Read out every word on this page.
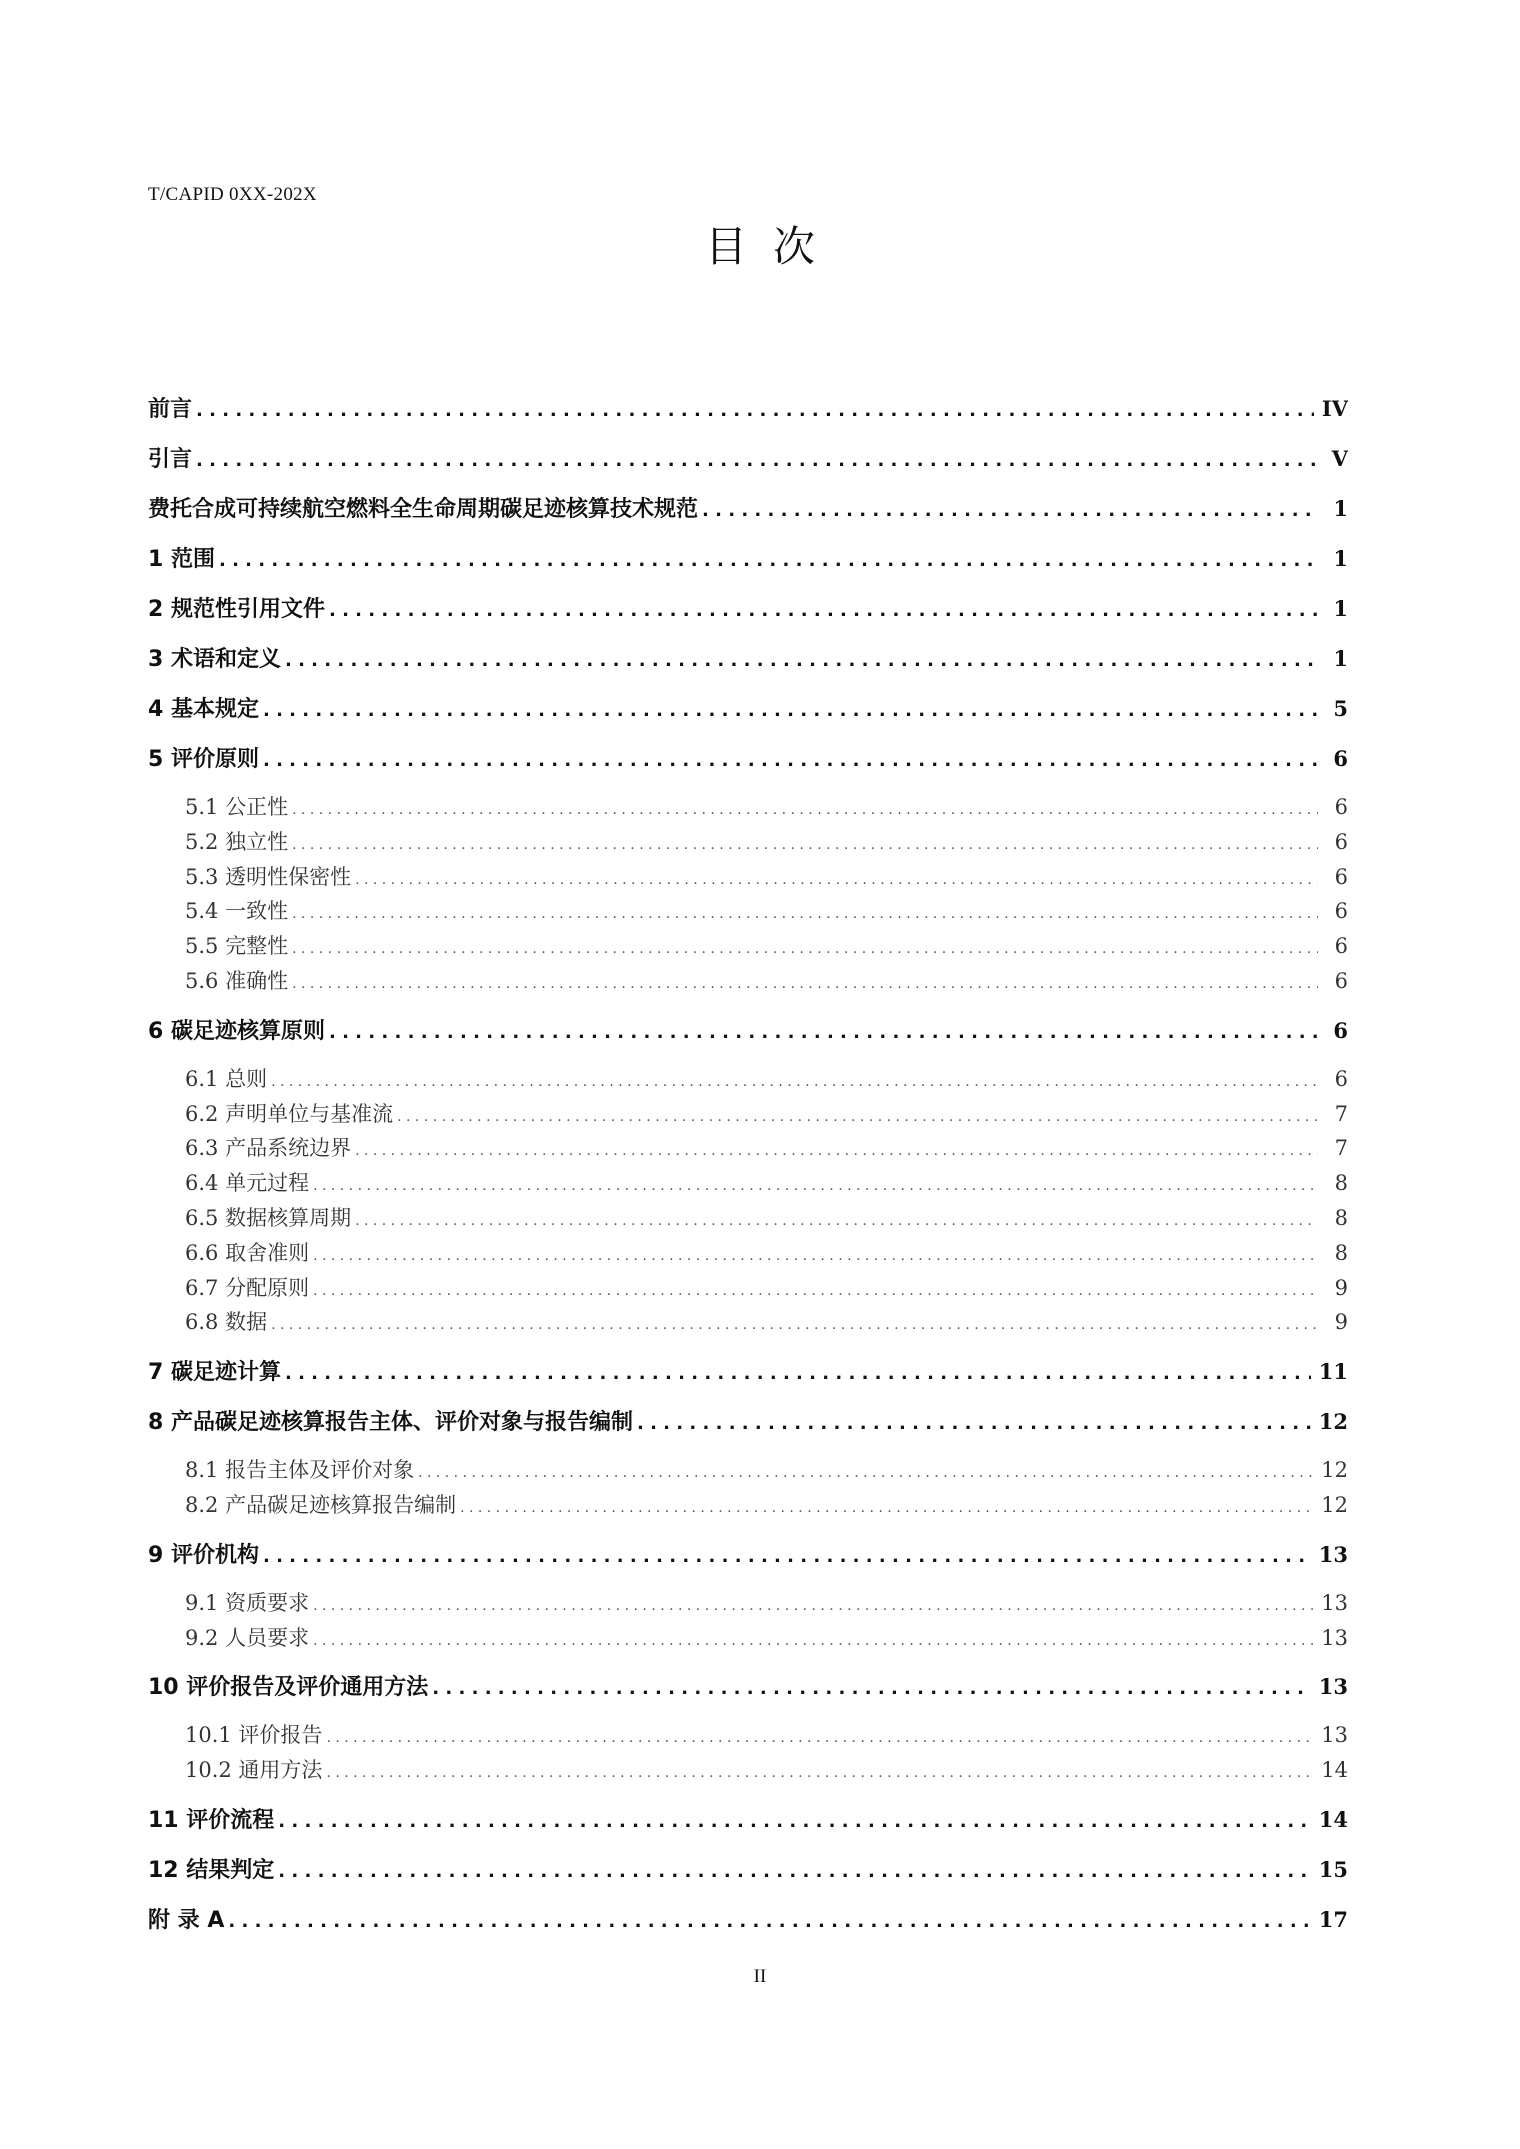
T/CAPID 0XX-202X
目次
前言 . . .	IV
引言 . . .	V
费托合成可持续航空燃料全生命周期碳足迹核算技术规范 . . .	1
1 范围 . . .	1
2 规范性引用文件 . . .	1
3 术语和定义 . . .	1
4 基本规定 . . .	5
5 评价原则 . . .	6
5.1 公正性 . . .	6
5.2 独立性 . . .	6
5.3 透明性保密性 . . .	6
5.4 一致性 . . .	6
5.5 完整性 . . .	6
5.6 准确性 . . .	6
6 碳足迹核算原则 . . .	6
6.1 总则 . . .	6
6.2 声明单位与基准流 . . .	7
6.3 产品系统边界 . . .	7
6.4 单元过程 . . .	8
6.5 数据核算周期 . . .	8
6.6 取舍准则 . . .	8
6.7 分配原则 . . .	9
6.8 数据 . . .	9
7 碳足迹计算 . . .	11
8 产品碳足迹核算报告主体、评价对象与报告编制 . . .	12
8.1 报告主体及评价对象 . . .	12
8.2 产品碳足迹核算报告编制 . . .	12
9 评价机构 . . .	13
9.1 资质要求 . . .	13
9.2 人员要求 . . .	13
10 评价报告及评价通用方法 . . .	13
10.1 评价报告 . . .	13
10.2 通用方法 . . .	14
11 评价流程 . . .	14
12 结果判定 . . .	15
附 录 A . . .	17
II
